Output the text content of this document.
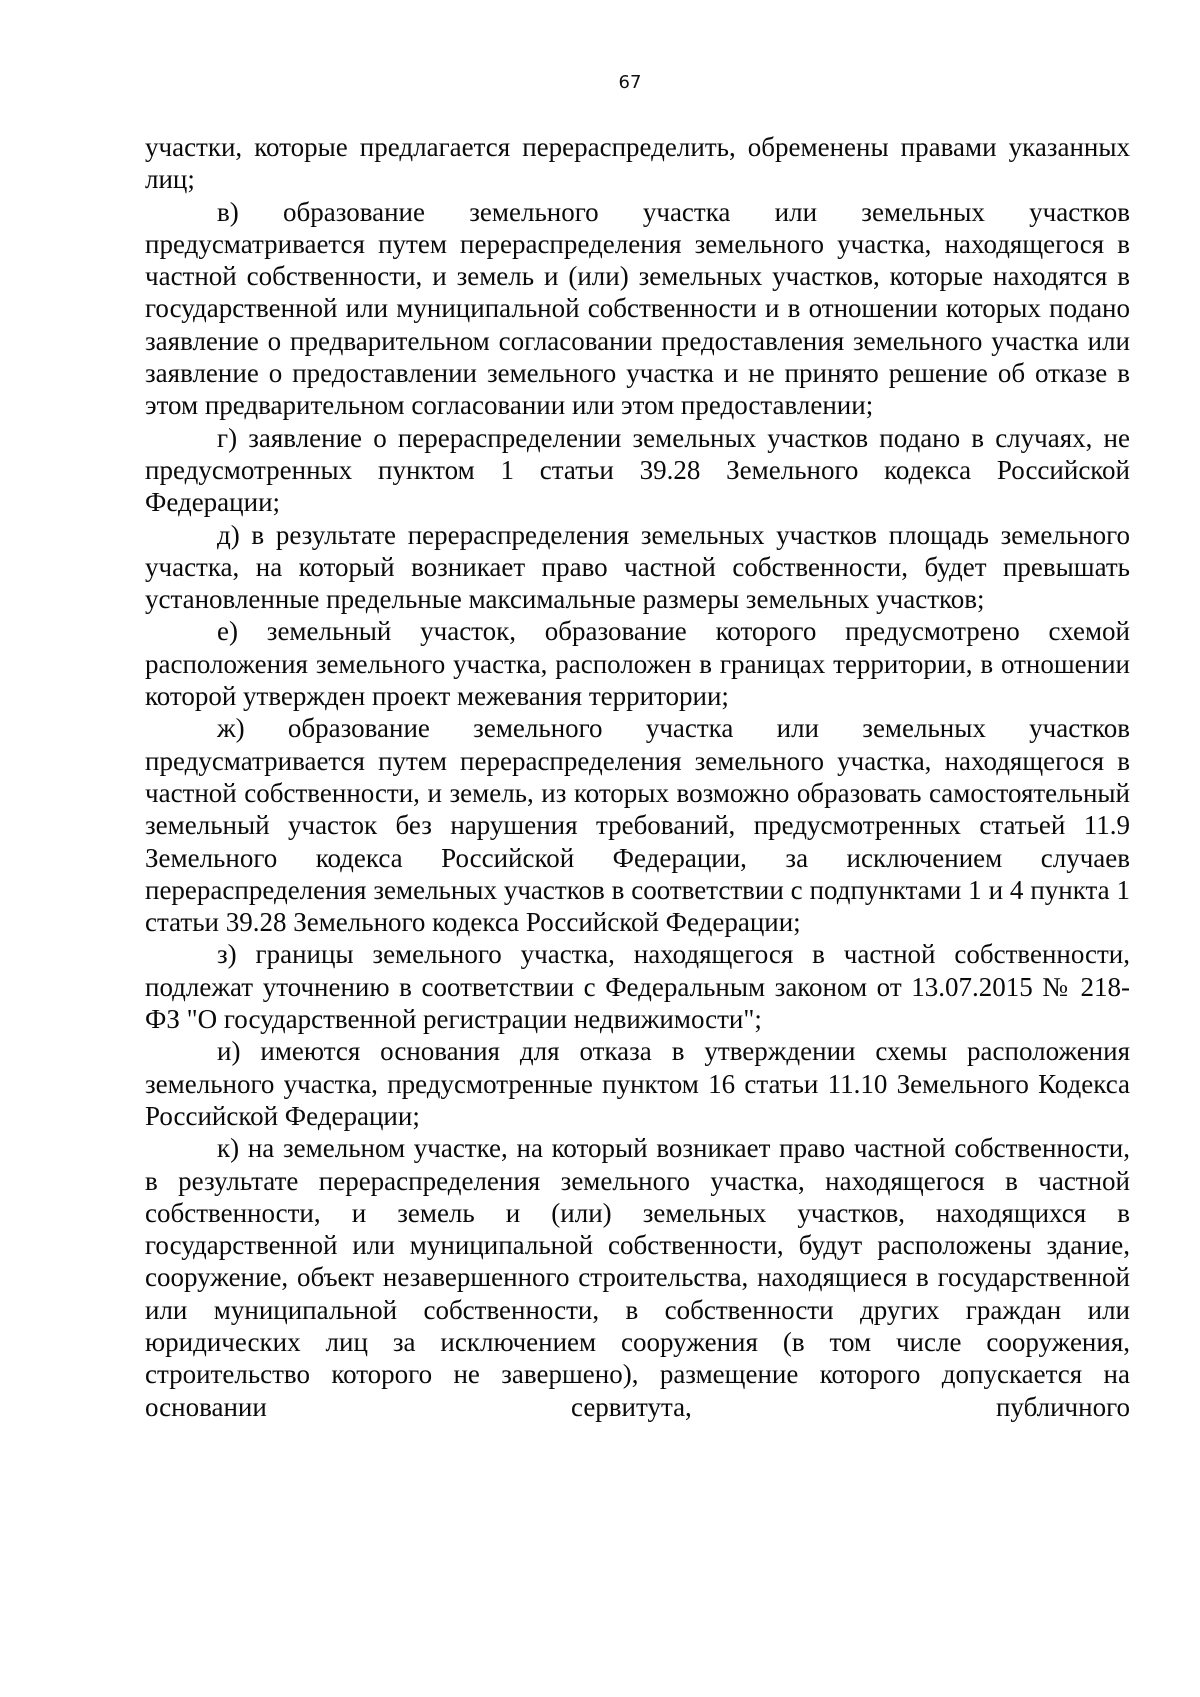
67

участки, которые предлагается перераспределить, обременены правами указанных лиц;

в) образование земельного участка или земельных участков предусматривается путем перераспределения земельного участка, находящегося в частной собственности, и земель и (или) земельных участков, которые находятся в государственной или муниципальной собственности и в отношении которых подано заявление о предварительном согласовании предоставления земельного участка или заявление о предоставлении земельного участка и не принято решение об отказе в этом предварительном согласовании или этом предоставлении;

г) заявление о перераспределении земельных участков подано в случаях, не предусмотренных пунктом 1 статьи 39.28 Земельного кодекса Российской Федерации;

д) в результате перераспределения земельных участков площадь земельного участка, на который возникает право частной собственности, будет превышать установленные предельные максимальные размеры земельных участков;

е) земельный участок, образование которого предусмотрено схемой расположения земельного участка, расположен в границах территории, в отношении которой утвержден проект межевания территории;

ж) образование земельного участка или земельных участков предусматривается путем перераспределения земельного участка, находящегося в частной собственности, и земель, из которых возможно образовать самостоятельный земельный участок без нарушения требований, предусмотренных статьей 11.9 Земельного кодекса Российской Федерации, за исключением случаев перераспределения земельных участков в соответствии с подпунктами 1 и 4 пункта 1 статьи 39.28 Земельного кодекса Российской Федерации;

з) границы земельного участка, находящегося в частной собственности, подлежат уточнению в соответствии с Федеральным законом от 13.07.2015 № 218-ФЗ "О государственной регистрации недвижимости";

и) имеются основания для отказа в утверждении схемы расположения земельного участка, предусмотренные пунктом 16 статьи 11.10 Земельного Кодекса Российской Федерации;

к) на земельном участке, на который возникает право частной собственности, в результате перераспределения земельного участка, находящегося в частной собственности, и земель и (или) земельных участков, находящихся в государственной или муниципальной собственности, будут расположены здание, сооружение, объект незавершенного строительства, находящиеся в государственной или муниципальной собственности, в собственности других граждан или юридических лиц за исключением сооружения (в том числе сооружения, строительство которого не завершено), размещение которого допускается на основании сервитута, публичного
